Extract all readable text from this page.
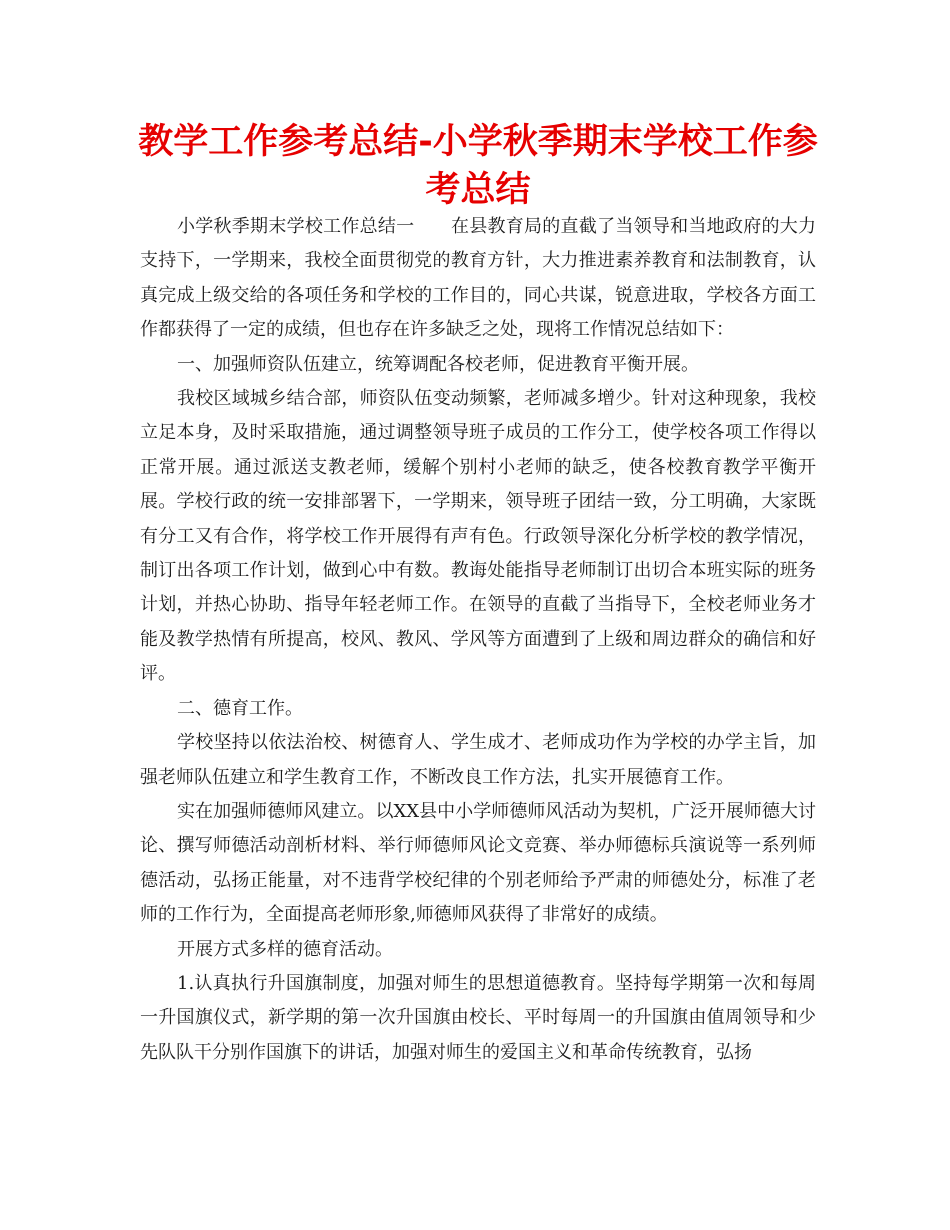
教学工作参考总结-小学秋季期末学校工作参考总结

小学秋季期末学校工作总结一　　在县教育局的直截了当领导和当地政府的大力支持下，一学期来，我校全面贯彻党的教育方针，大力推进素养教育和法制教育，认真完成上级交给的各项任务和学校的工作目的，同心共谋，锐意进取，学校各方面工作都获得了一定的成绩，但也存在许多缺乏之处，现将工作情况总结如下：

一、加强师资队伍建立，统筹调配各校老师，促进教育平衡开展。

我校区域城乡结合部，师资队伍变动频繁，老师减多增少。针对这种现象，我校立足本身，及时采取措施，通过调整领导班子成员的工作分工，使学校各项工作得以正常开展。通过派送支教老师，缓解个别村小老师的缺乏，使各校教育教学平衡开展。学校行政的统一安排部署下，一学期来，领导班子团结一致，分工明确，大家既有分工又有合作，将学校工作开展得有声有色。行政领导深化分析学校的教学情况，制订出各项工作计划，做到心中有数。教诲处能指导老师制订出切合本班实际的班务计划，并热心协助、指导年轻老师工作。在领导的直截了当指导下，全校老师业务才能及教学热情有所提高，校风、教风、学风等方面遭到了上级和周边群众的确信和好评。

二、德育工作。

学校坚持以依法治校、树德育人、学生成才、老师成功作为学校的办学主旨，加强老师队伍建立和学生教育工作，不断改良工作方法，扎实开展德育工作。

实在加强师德师风建立。以XX县中小学师德师风活动为契机，广泛开展师德大讨论、撰写师德活动剖析材料、举行师德师风论文竞赛、举办师德标兵演说等一系列师德活动，弘扬正能量，对不违背学校纪律的个别老师给予严肃的师德处分，标准了老师的工作行为，全面提高老师形象,师德师风获得了非常好的成绩。

开展方式多样的德育活动。

1.认真执行升国旗制度，加强对师生的思想道德教育。坚持每学期第一次和每周一升国旗仪式，新学期的第一次升国旗由校长、平时每周一的升国旗由值周领导和少先队队干分别作国旗下的讲话，加强对师生的爱国主义和革命传统教育，弘扬
